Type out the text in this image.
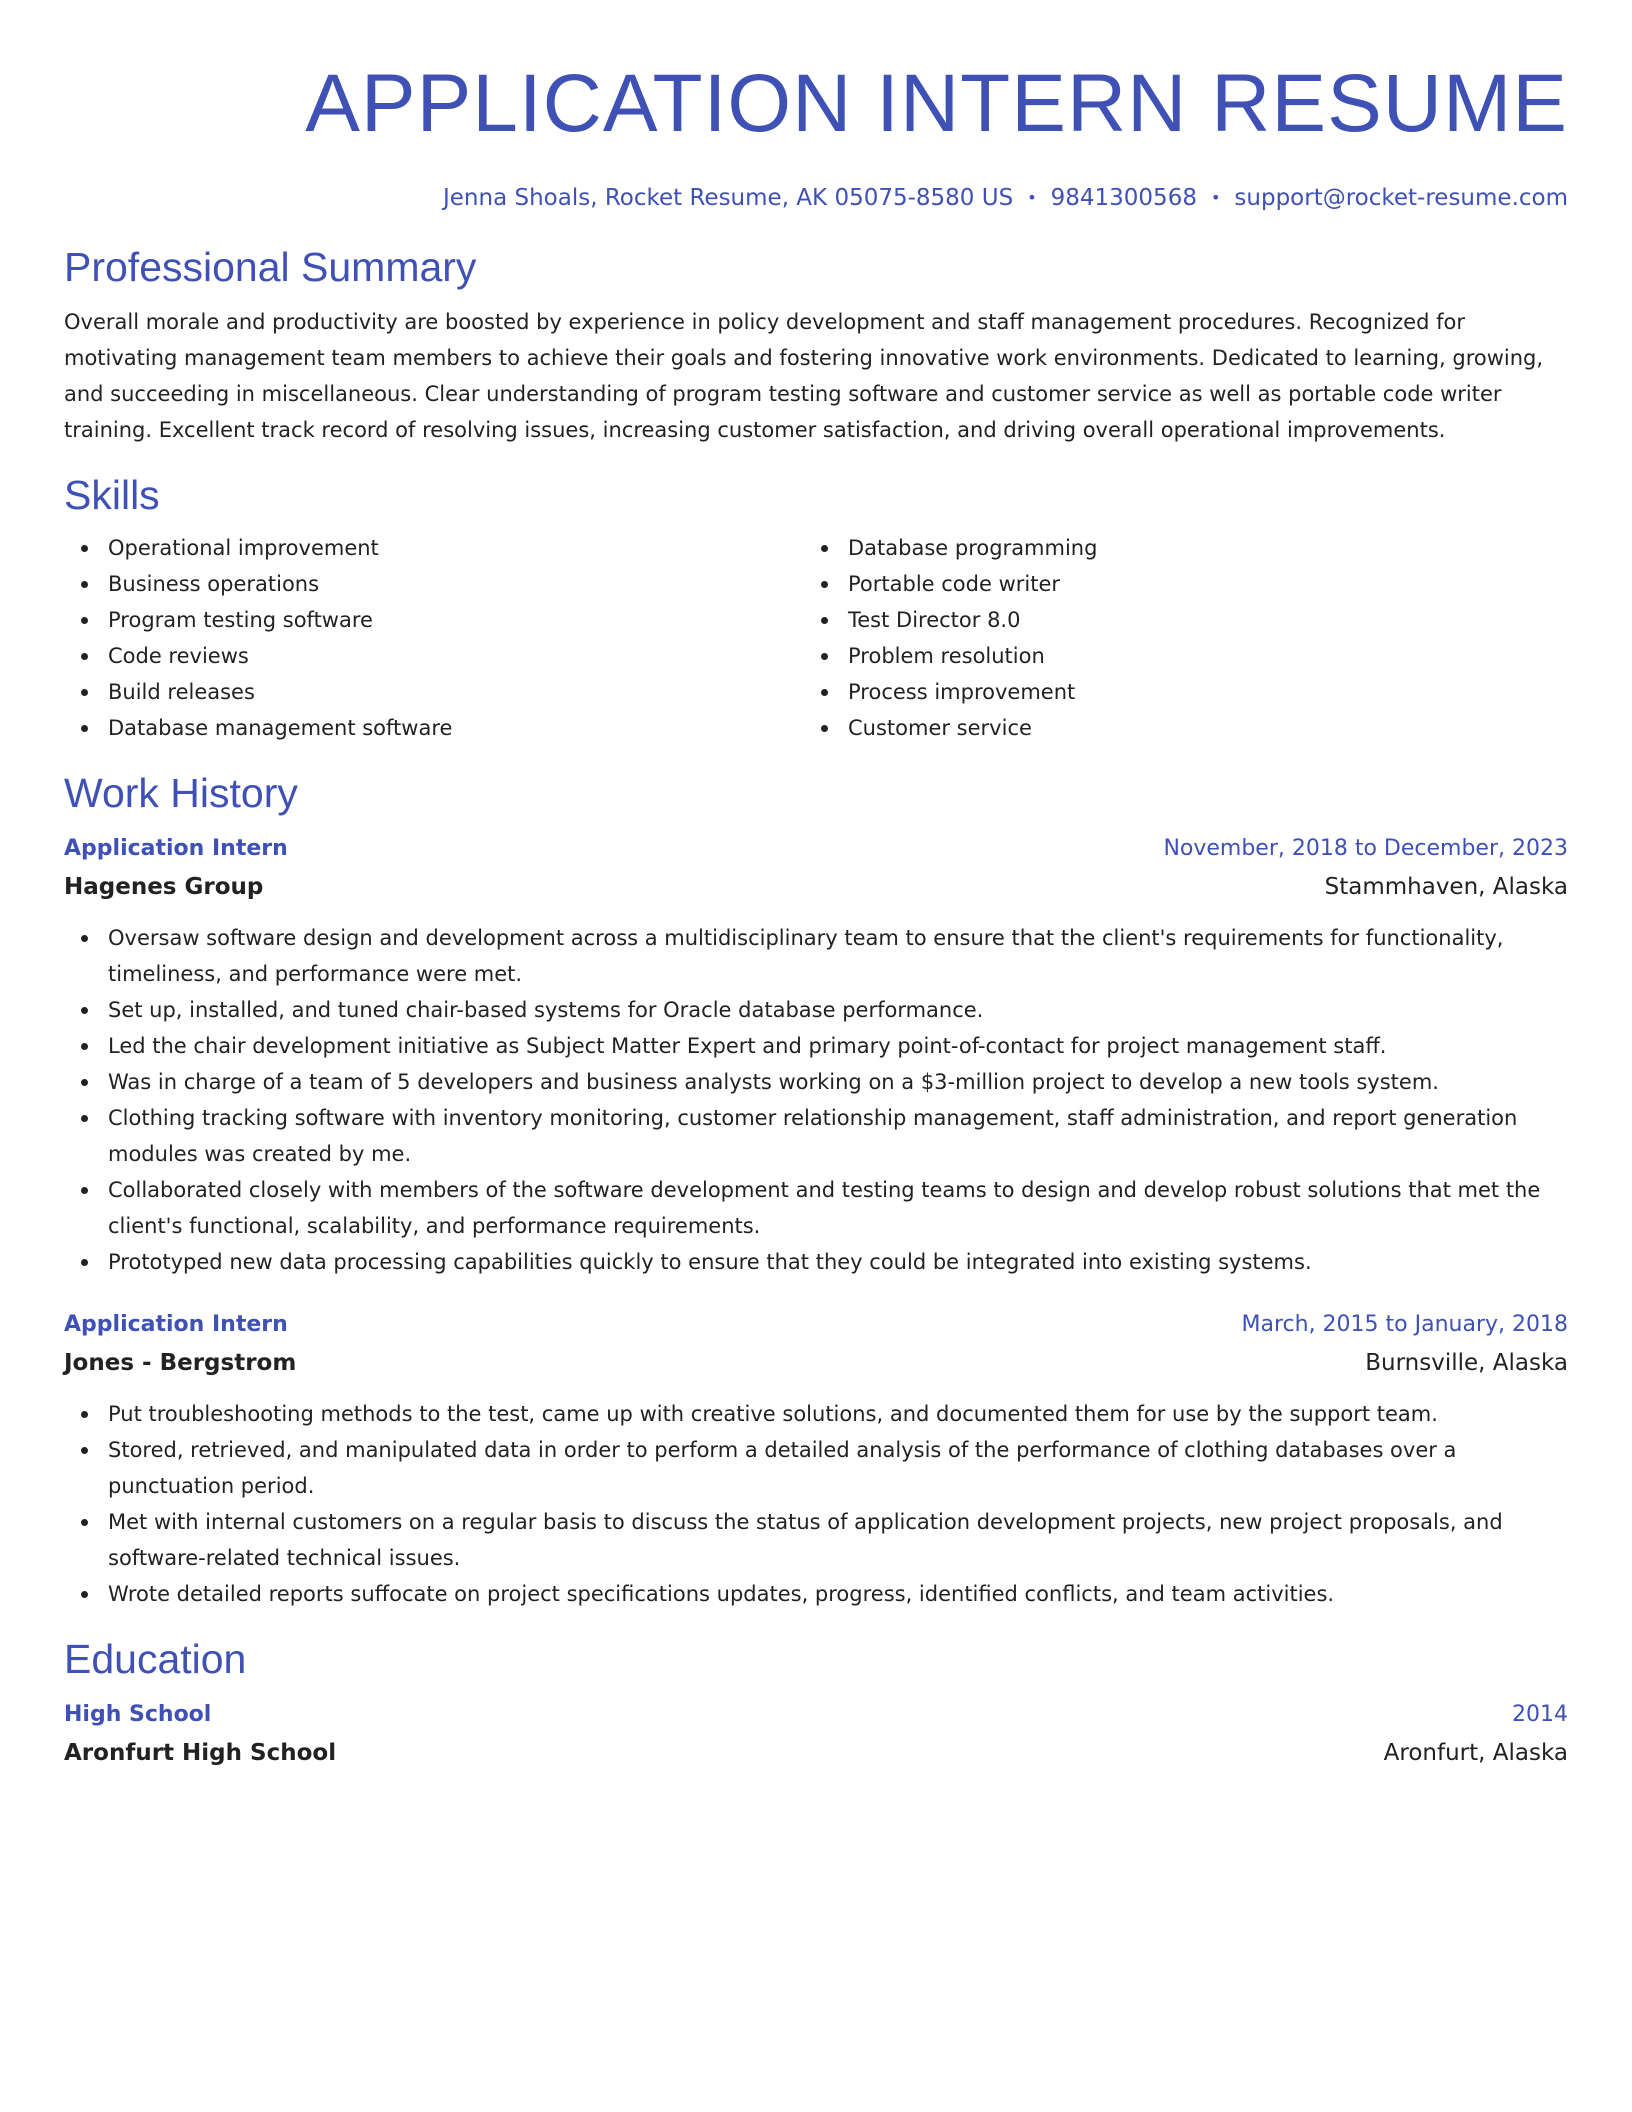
APPLICATION INTERN RESUME
Jenna Shoals, Rocket Resume, AK 05075-8580 US • 9841300568 • support@rocket-resume.com
Professional Summary
Overall morale and productivity are boosted by experience in policy development and staff management procedures. Recognized for motivating management team members to achieve their goals and fostering innovative work environments. Dedicated to learning, growing, and succeeding in miscellaneous. Clear understanding of program testing software and customer service as well as portable code writer training. Excellent track record of resolving issues, increasing customer satisfaction, and driving overall operational improvements.
Skills
Operational improvement
Business operations
Program testing software
Code reviews
Build releases
Database management software
Database programming
Portable code writer
Test Director 8.0
Problem resolution
Process improvement
Customer service
Work History
Application Intern	November, 2018 to December, 2023
Hagenes Group	Stammhaven, Alaska
Oversaw software design and development across a multidisciplinary team to ensure that the client's requirements for functionality, timeliness, and performance were met.
Set up, installed, and tuned chair-based systems for Oracle database performance.
Led the chair development initiative as Subject Matter Expert and primary point-of-contact for project management staff.
Was in charge of a team of 5 developers and business analysts working on a $3-million project to develop a new tools system.
Clothing tracking software with inventory monitoring, customer relationship management, staff administration, and report generation modules was created by me.
Collaborated closely with members of the software development and testing teams to design and develop robust solutions that met the client's functional, scalability, and performance requirements.
Prototyped new data processing capabilities quickly to ensure that they could be integrated into existing systems.
Application Intern	March, 2015 to January, 2018
Jones - Bergstrom	Burnsville, Alaska
Put troubleshooting methods to the test, came up with creative solutions, and documented them for use by the support team.
Stored, retrieved, and manipulated data in order to perform a detailed analysis of the performance of clothing databases over a punctuation period.
Met with internal customers on a regular basis to discuss the status of application development projects, new project proposals, and software-related technical issues.
Wrote detailed reports suffocate on project specifications updates, progress, identified conflicts, and team activities.
Education
High School	2014
Aronfurt High School	Aronfurt, Alaska
